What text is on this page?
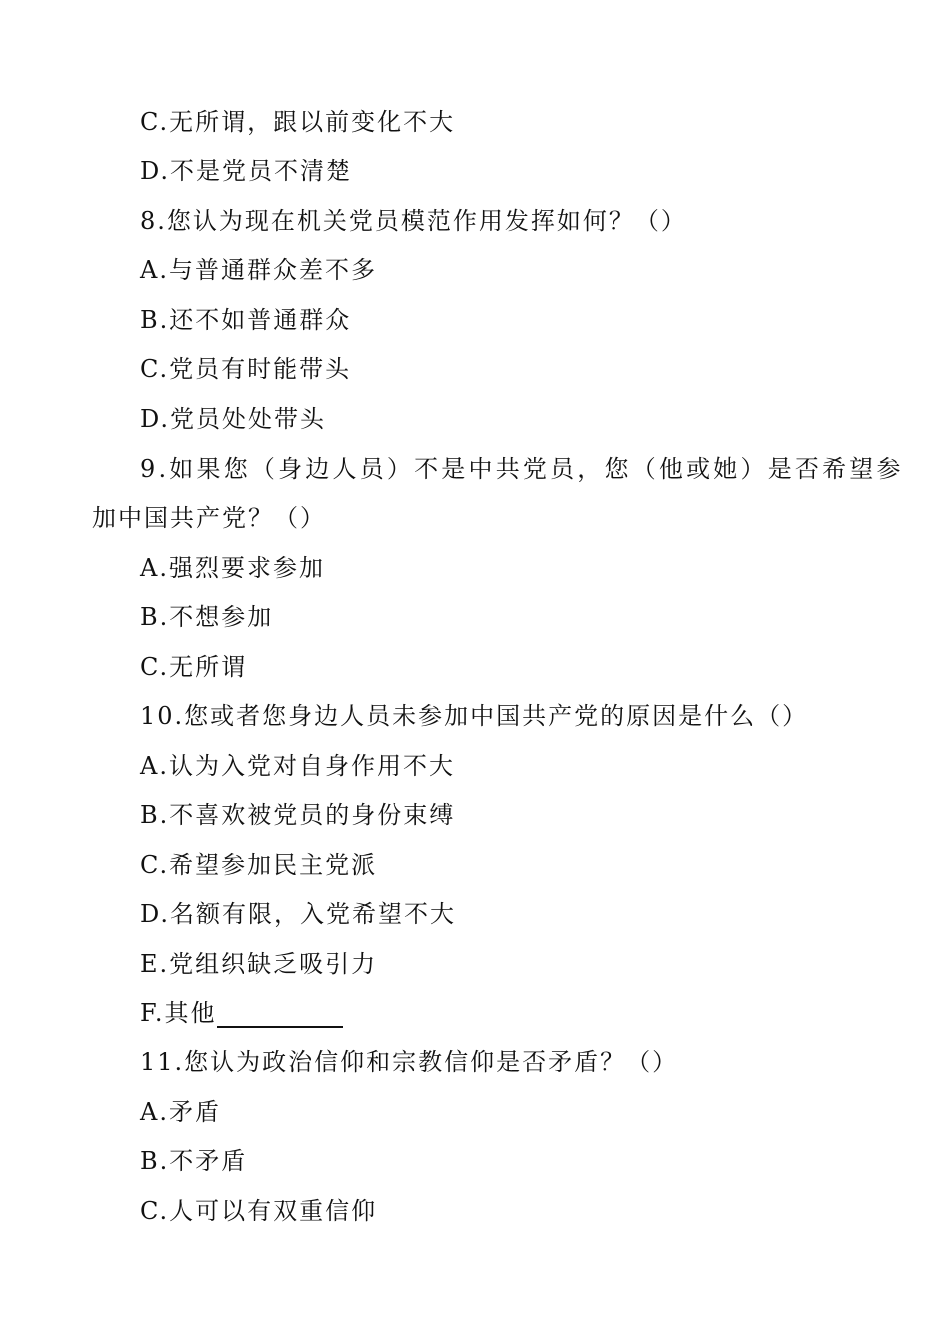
C.无所谓，跟以前变化不大
D.不是党员不清楚
8.您认为现在机关党员模范作用发挥如何？（）
A.与普通群众差不多
B.还不如普通群众
C.党员有时能带头
D.党员处处带头
9.如果您（身边人员）不是中共党员，您（他或她）是否希望参
加中国共产党？（）
A.强烈要求参加
B.不想参加
C.无所谓
10.您或者您身边人员未参加中国共产党的原因是什么（）
A.认为入党对自身作用不大
B.不喜欢被党员的身份束缚
C.希望参加民主党派
D.名额有限，入党希望不大
E.党组织缺乏吸引力
F.其他
11.您认为政治信仰和宗教信仰是否矛盾？（）
A.矛盾
B.不矛盾
C.人可以有双重信仰
